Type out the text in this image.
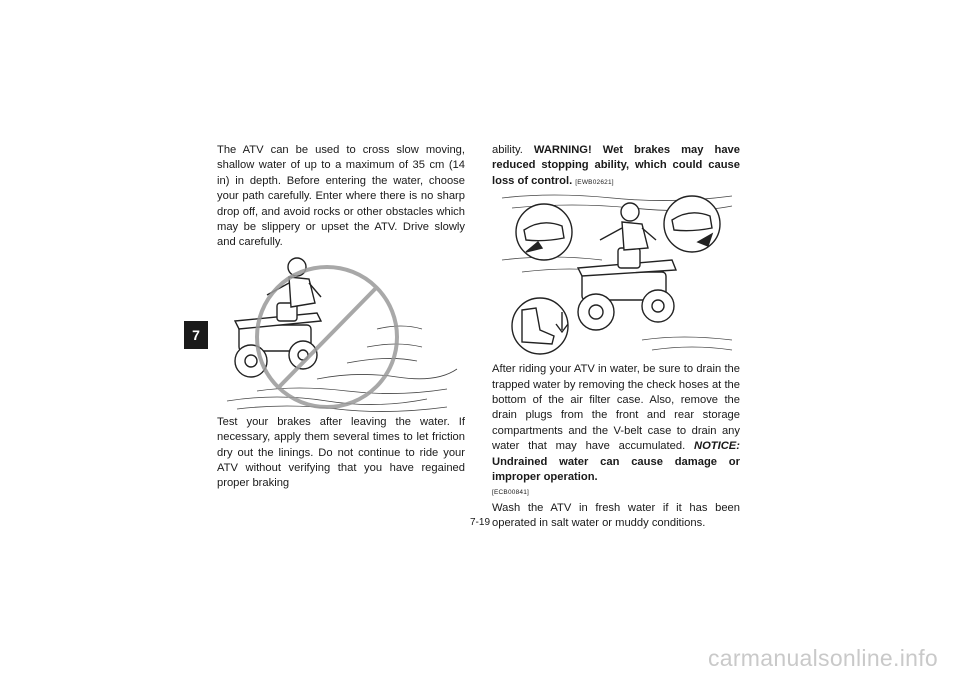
7

The ATV can be used to cross slow moving, shallow water of up to a maximum of 35 cm (14 in) in depth. Before entering the water, choose your path carefully. Enter where there is no sharp drop off, and avoid rocks or other obstacles which may be slippery or upset the ATV. Drive slowly and carefully.

Test your brakes after leaving the water. If necessary, apply them several times to let friction dry out the linings. Do not continue to ride your ATV without verifying that you have regained proper braking

ability. WARNING! Wet brakes may have reduced stopping ability, which could cause loss of control. [EWB02621]

After riding your ATV in water, be sure to drain the trapped water by removing the check hoses at the bottom of the air filter case. Also, remove the drain plugs from the front and rear storage compartments and the V-belt case to drain any water that may have accumulated. NOTICE: Undrained water can cause damage or improper operation.

[ECB00841]

Wash the ATV in fresh water if it has been operated in salt water or muddy conditions.

7-19
carmanualsonline.info
